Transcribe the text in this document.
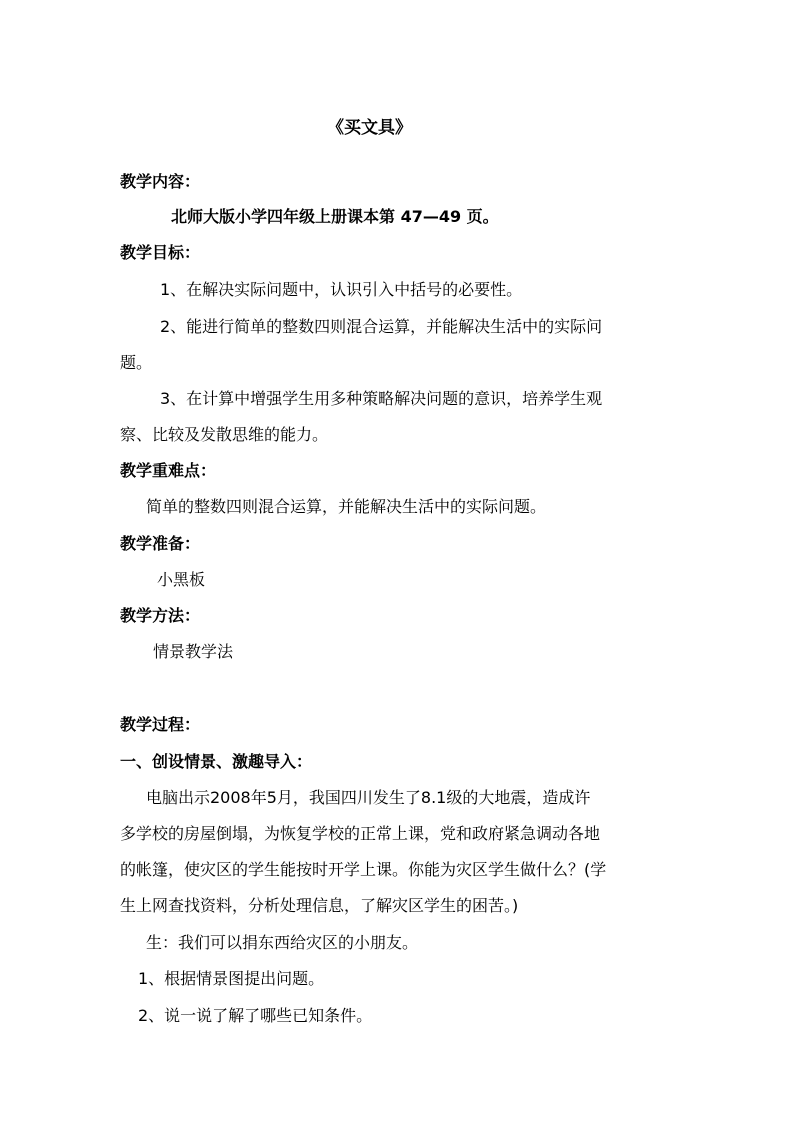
《买文具》
教学内容：
北师大版小学四年级上册课本第 47—49 页。
教学目标：
1、在解决实际问题中，认识引入中括号的必要性。
2、能进行简单的整数四则混合运算，并能解决生活中的实际问
题。
3、在计算中增强学生用多种策略解决问题的意识，培养学生观
察、比较及发散思维的能力。
教学重难点：
简单的整数四则混合运算，并能解决生活中的实际问题。
教学准备：
小黑板
教学方法：
情景教学法
教学过程：
一、创设情景、激趣导入：
电脑出示2008年5月，我国四川发生了8.1级的大地震，造成许
多学校的房屋倒塌，为恢复学校的正常上课，党和政府紧急调动各地
的帐篷，使灾区的学生能按时开学上课。你能为灾区学生做什么？(学
生上网查找资料，分析处理信息，了解灾区学生的困苦。)
生：我们可以捐东西给灾区的小朋友。
1、根据情景图提出问题。
2、说一说了解了哪些已知条件。
